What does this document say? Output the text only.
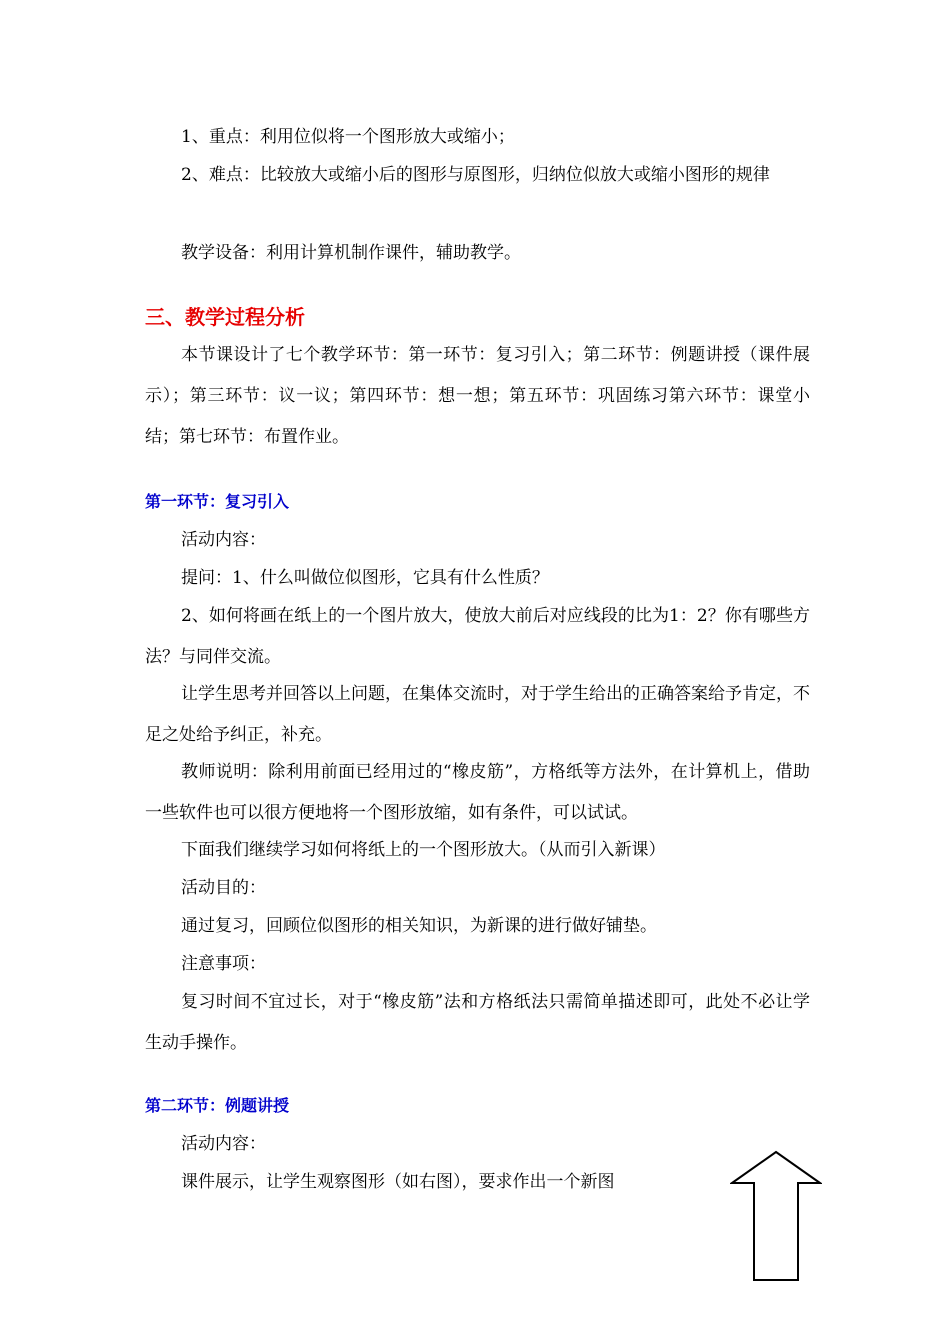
1、重点：利用位似将一个图形放大或缩小；

2、难点：比较放大或缩小后的图形与原图形，归纳位似放大或缩小图形的规律

教学设备：利用计算机制作课件，辅助教学。

三、教学过程分析

本节课设计了七个教学环节：第一环节：复习引入；第二环节：例题讲授（课件展示）；第三环节：议一议；第四环节：想一想；第五环节：巩固练习第六环节：课堂小结；第七环节：布置作业。

第一环节：复习引入

活动内容：

提问：1、什么叫做位似图形，它具有什么性质？

2、如何将画在纸上的一个图片放大，使放大前后对应线段的比为1：2？你有哪些方法？与同伴交流。

让学生思考并回答以上问题，在集体交流时，对于学生给出的正确答案给予肯定，不足之处给予纠正，补充。

教师说明：除利用前面已经用过的“橡皮筋”，方格纸等方法外，在计算机上，借助一些软件也可以很方便地将一个图形放缩，如有条件，可以试试。

下面我们继续学习如何将纸上的一个图形放大。（从而引入新课）

活动目的：

通过复习，回顾位似图形的相关知识，为新课的进行做好铺垫。

注意事项：

复习时间不宜过长，对于“橡皮筋”法和方格纸法只需简单描述即可，此处不必让学生动手操作。

第二环节：例题讲授

活动内容：

课件展示，让学生观察图形（如右图），要求作出一个新图
